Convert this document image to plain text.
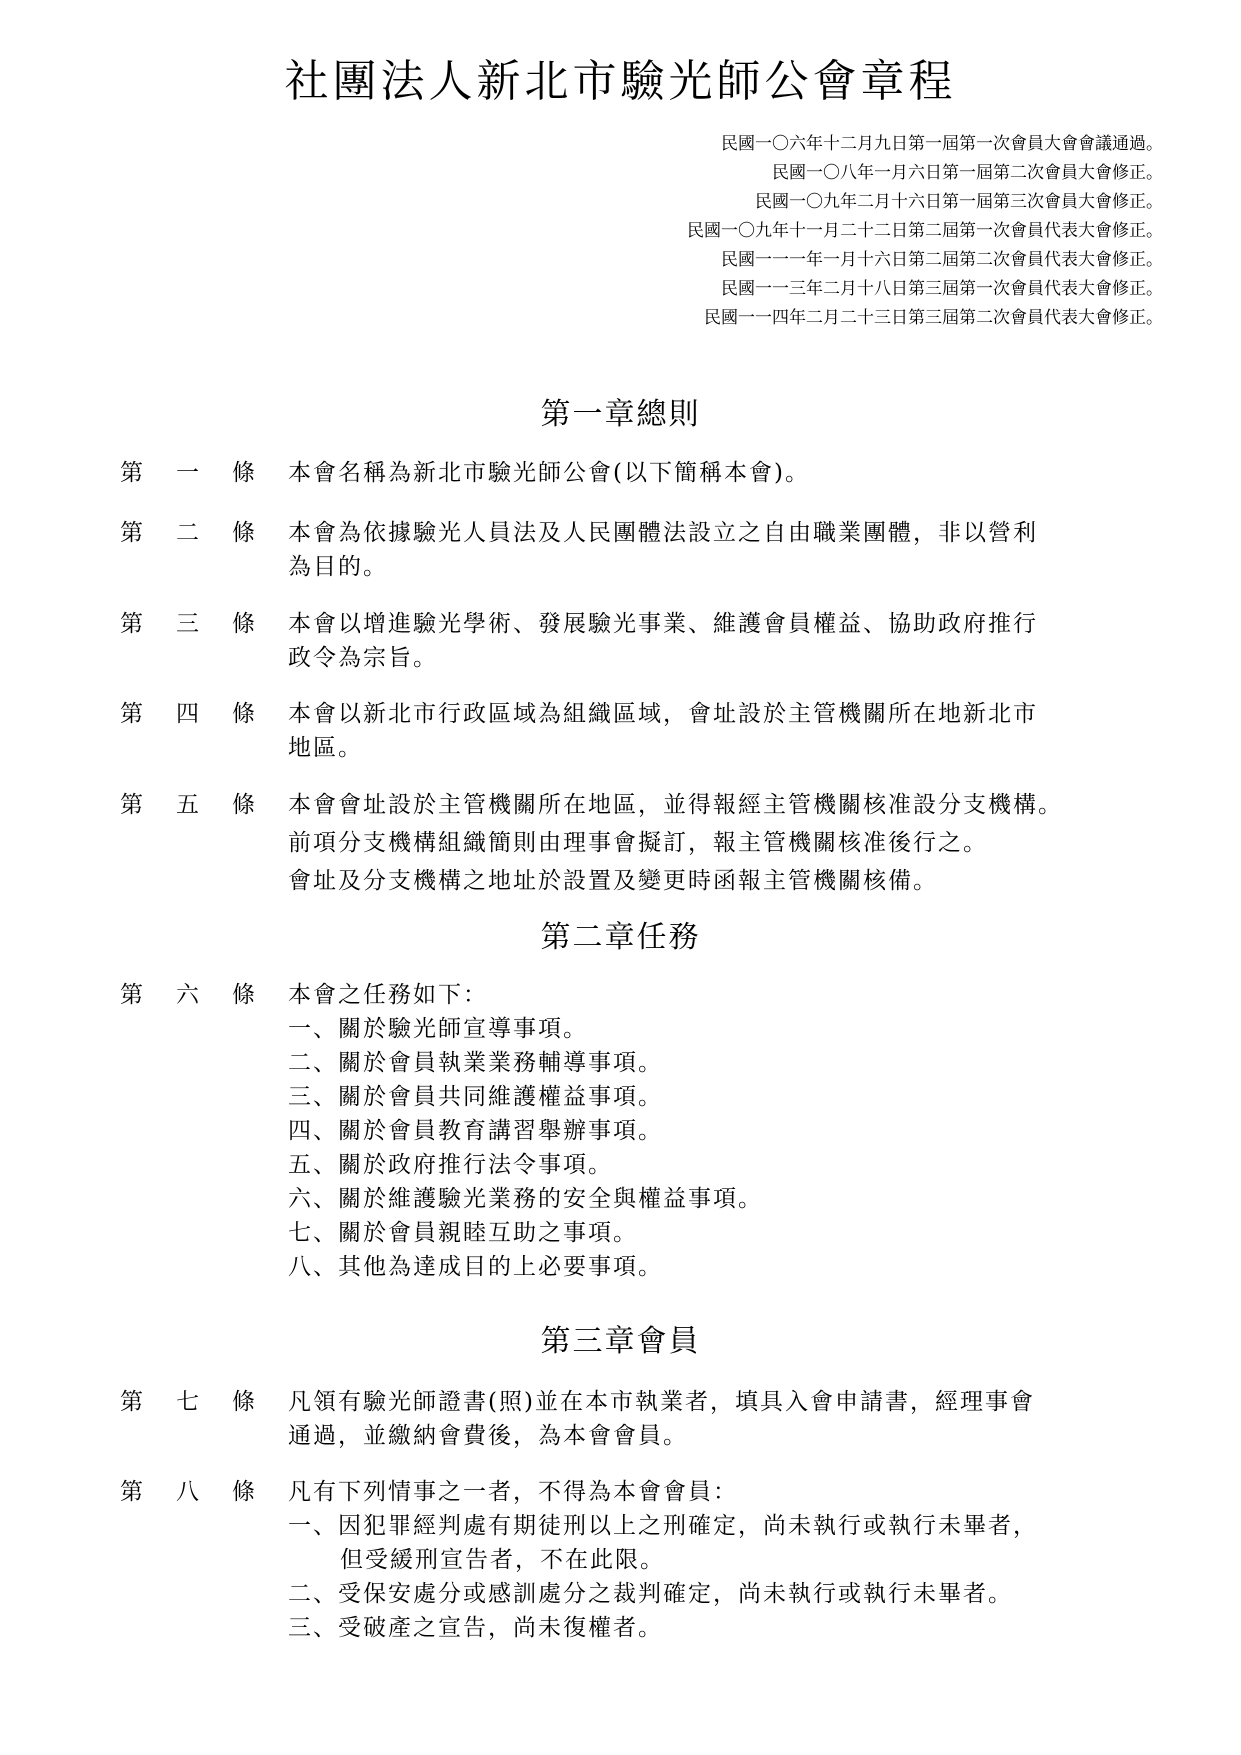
社團法人新北市驗光師公會章程
民國一〇六年十二月九日第一屆第一次會員大會會議通過。
民國一〇八年一月六日第一屆第二次會員大會修正。
民國一〇九年二月十六日第一屆第三次會員大會修正。
民國一〇九年十一月二十二日第二屆第一次會員代表大會修正。
民國一一一年一月十六日第二屆第二次會員代表大會修正。
民國一一三年二月十八日第三屆第一次會員代表大會修正。
民國一一四年二月二十三日第三屆第二次會員代表大會修正。
第一章總則
第 一 條 本會名稱為新北市驗光師公會(以下簡稱本會)。

第 二 條 本會為依據驗光人員法及人民團體法設立之自由職業團體，非以營利

為目的。

第 三 條 本會以增進驗光學術、發展驗光事業、維護會員權益、協助政府推行

政令為宗旨。

第 四 條 本會以新北市行政區域為組織區域，會址設於主管機關所在地新北市

地區。

第 五 條 本會會址設於主管機關所在地區，並得報經主管機關核准設分支機構。

前項分支機構組織簡則由理事會擬訂，報主管機關核准後行之。

會址及分支機構之地址於設置及變更時函報主管機關核備。

第二章任務
第 六 條 本會之任務如下：

一、關於驗光師宣導事項。

二、關於會員執業業務輔導事項。

三、關於會員共同維護權益事項。

四、關於會員教育講習舉辦事項。

五、關於政府推行法令事項。

六、關於維護驗光業務的安全與權益事項。

七、關於會員親睦互助之事項。

八、其他為達成目的上必要事項。

第三章會員
第 七 條 凡領有驗光師證書(照)並在本市執業者，填具入會申請書，經理事會

通過，並繳納會費後，為本會會員。

第 八 條 凡有下列情事之一者，不得為本會會員：

一、因犯罪經判處有期徒刑以上之刑確定，尚未執行或執行未畢者，

但受緩刑宣告者，不在此限。

二、受保安處分或感訓處分之裁判確定，尚未執行或執行未畢者。

三、受破產之宣告，尚未復權者。
